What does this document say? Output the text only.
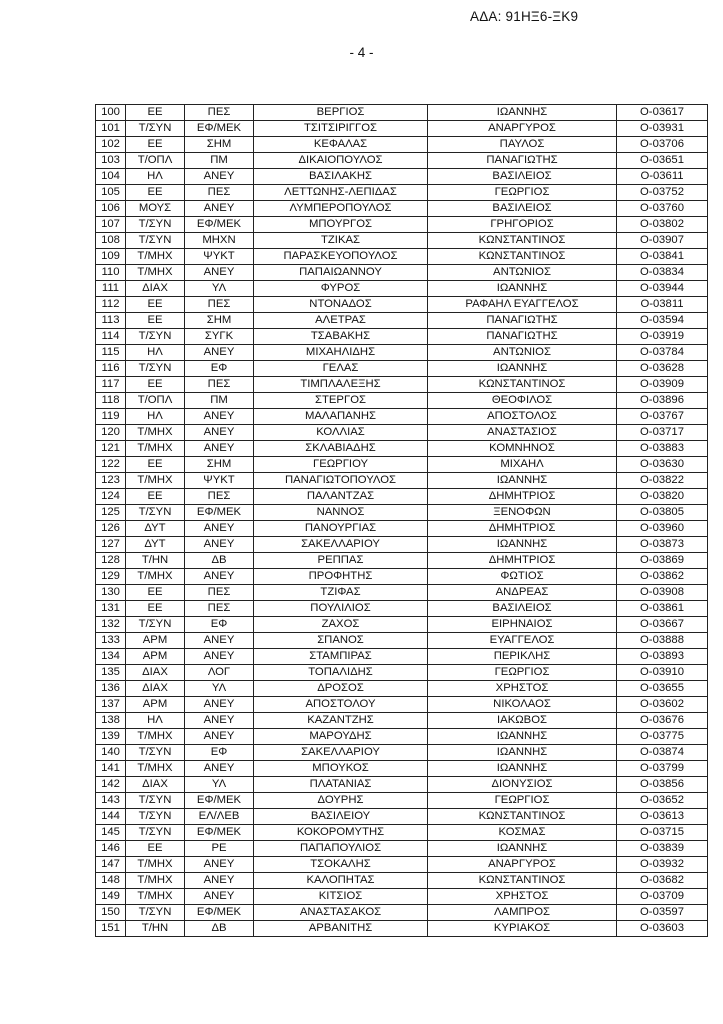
ΑΔΑ: 91ΗΞ6-ΞΚ9
- 4 -
100	ΕΕ	ΠΕΣ	ΒΕΡΓΙΟΣ	ΙΩΑΝΝΗΣ	Ο-03617
101	Τ/ΣΥΝ	ΕΦ/ΜΕΚ	ΤΣΙΤΣΙΡΙΓΓΟΣ	ΑΝΑΡΓΥΡΟΣ	Ο-03931
102	ΕΕ	ΣΗΜ	ΚΕΦΑΛΑΣ	ΠΑΥΛΟΣ	Ο-03706
103	Τ/ΟΠΛ	ΠΜ	ΔΙΚΑΙΟΠΟΥΛΟΣ	ΠΑΝΑΓΙΩΤΗΣ	Ο-03651
104	ΗΛ	ΑΝΕΥ	ΒΑΣΙΛΑΚΗΣ	ΒΑΣΙΛΕΙΟΣ	Ο-03611
105	ΕΕ	ΠΕΣ	ΛΕΤΤΩΝΗΣ-ΛΕΠΙΔΑΣ	ΓΕΩΡΓΙΟΣ	Ο-03752
106	ΜΟΥΣ	ΑΝΕΥ	ΛΥΜΠΕΡΟΠΟΥΛΟΣ	ΒΑΣΙΛΕΙΟΣ	Ο-03760
107	Τ/ΣΥΝ	ΕΦ/ΜΕΚ	ΜΠΟΥΡΓΟΣ	ΓΡΗΓΟΡΙΟΣ	Ο-03802
108	Τ/ΣΥΝ	ΜΗΧΝ	ΤΖΙΚΑΣ	ΚΩΝΣΤΑΝΤΙΝΟΣ	Ο-03907
109	Τ/ΜΗΧ	ΨΥΚΤ	ΠΑΡΑΣΚΕΥΟΠΟΥΛΟΣ	ΚΩΝΣΤΑΝΤΙΝΟΣ	Ο-03841
110	Τ/ΜΗΧ	ΑΝΕΥ	ΠΑΠΑΙΩΑΝΝΟΥ	ΑΝΤΩΝΙΟΣ	Ο-03834
111	ΔΙΑΧ	ΥΛ	ΦΥΡΟΣ	ΙΩΑΝΝΗΣ	Ο-03944
112	ΕΕ	ΠΕΣ	ΝΤΟΝΑΔΟΣ	ΡΑΦΑΗΛ ΕΥΑΓΓΕΛΟΣ	Ο-03811
113	ΕΕ	ΣΗΜ	ΑΛΕΤΡΑΣ	ΠΑΝΑΓΙΩΤΗΣ	Ο-03594
114	Τ/ΣΥΝ	ΣΥΓΚ	ΤΣΑΒΑΚΗΣ	ΠΑΝΑΓΙΩΤΗΣ	Ο-03919
115	ΗΛ	ΑΝΕΥ	ΜΙΧΑΗΛΙΔΗΣ	ΑΝΤΩΝΙΟΣ	Ο-03784
116	Τ/ΣΥΝ	ΕΦ	ΓΕΛΑΣ	ΙΩΑΝΝΗΣ	Ο-03628
117	ΕΕ	ΠΕΣ	ΤΙΜΠΛΑΛΕΞΗΣ	ΚΩΝΣΤΑΝΤΙΝΟΣ	Ο-03909
118	Τ/ΟΠΛ	ΠΜ	ΣΤΕΡΓΟΣ	ΘΕΟΦΙΛΟΣ	Ο-03896
119	ΗΛ	ΑΝΕΥ	ΜΑΛΑΠΑΝΗΣ	ΑΠΟΣΤΟΛΟΣ	Ο-03767
120	Τ/ΜΗΧ	ΑΝΕΥ	ΚΟΛΛΙΑΣ	ΑΝΑΣΤΑΣΙΟΣ	Ο-03717
121	Τ/ΜΗΧ	ΑΝΕΥ	ΣΚΛΑΒΙΑΔΗΣ	ΚΟΜΝΗΝΟΣ	Ο-03883
122	ΕΕ	ΣΗΜ	ΓΕΩΡΓΙΟΥ	ΜΙΧΑΗΛ	Ο-03630
123	Τ/ΜΗΧ	ΨΥΚΤ	ΠΑΝΑΓΙΩΤΟΠΟΥΛΟΣ	ΙΩΑΝΝΗΣ	Ο-03822
124	ΕΕ	ΠΕΣ	ΠΑΛΑΝΤΖΑΣ	ΔΗΜΗΤΡΙΟΣ	Ο-03820
125	Τ/ΣΥΝ	ΕΦ/ΜΕΚ	ΝΑΝΝΟΣ	ΞΕΝΟΦΩΝ	Ο-03805
126	ΔΥΤ	ΑΝΕΥ	ΠΑΝΟΥΡΓΙΑΣ	ΔΗΜΗΤΡΙΟΣ	Ο-03960
127	ΔΥΤ	ΑΝΕΥ	ΣΑΚΕΛΛΑΡΙΟΥ	ΙΩΑΝΝΗΣ	Ο-03873
128	Τ/ΗΝ	ΔΒ	ΡΕΠΠΑΣ	ΔΗΜΗΤΡΙΟΣ	Ο-03869
129	Τ/ΜΗΧ	ΑΝΕΥ	ΠΡΟΦΗΤΗΣ	ΦΩΤΙΟΣ	Ο-03862
130	ΕΕ	ΠΕΣ	ΤΖΙΦΑΣ	ΑΝΔΡΕΑΣ	Ο-03908
131	ΕΕ	ΠΕΣ	ΠΟΥΛΙΛΙΟΣ	ΒΑΣΙΛΕΙΟΣ	Ο-03861
132	Τ/ΣΥΝ	ΕΦ	ΖΑΧΟΣ	ΕΙΡΗΝΑΙΟΣ	Ο-03667
133	ΑΡΜ	ΑΝΕΥ	ΣΠΑΝΟΣ	ΕΥΑΓΓΕΛΟΣ	Ο-03888
134	ΑΡΜ	ΑΝΕΥ	ΣΤΑΜΠΙΡΑΣ	ΠΕΡΙΚΛΗΣ	Ο-03893
135	ΔΙΑΧ	ΛΟΓ	ΤΟΠΑΛΙΔΗΣ	ΓΕΩΡΓΙΟΣ	Ο-03910
136	ΔΙΑΧ	ΥΛ	ΔΡΟΣΟΣ	ΧΡΗΣΤΟΣ	Ο-03655
137	ΑΡΜ	ΑΝΕΥ	ΑΠΟΣΤΟΛΟΥ	ΝΙΚΟΛΑΟΣ	Ο-03602
138	ΗΛ	ΑΝΕΥ	ΚΑΖΑΝΤΖΗΣ	ΙΑΚΩΒΟΣ	Ο-03676
139	Τ/ΜΗΧ	ΑΝΕΥ	ΜΑΡΟΥΔΗΣ	ΙΩΑΝΝΗΣ	Ο-03775
140	Τ/ΣΥΝ	ΕΦ	ΣΑΚΕΛΛΑΡΙΟΥ	ΙΩΑΝΝΗΣ	Ο-03874
141	Τ/ΜΗΧ	ΑΝΕΥ	ΜΠΟΥΚΟΣ	ΙΩΑΝΝΗΣ	Ο-03799
142	ΔΙΑΧ	ΥΛ	ΠΛΑΤΑΝΙΑΣ	ΔΙΟΝΥΣΙΟΣ	Ο-03856
143	Τ/ΣΥΝ	ΕΦ/ΜΕΚ	ΔΟΥΡΗΣ	ΓΕΩΡΓΙΟΣ	Ο-03652
144	Τ/ΣΥΝ	ΕΛ/ΛΕΒ	ΒΑΣΙΛΕΙΟΥ	ΚΩΝΣΤΑΝΤΙΝΟΣ	Ο-03613
145	Τ/ΣΥΝ	ΕΦ/ΜΕΚ	ΚΟΚΟΡΟΜΥΤΗΣ	ΚΟΣΜΑΣ	Ο-03715
146	ΕΕ	ΡΕ	ΠΑΠΑΠΟΥΛΙΟΣ	ΙΩΑΝΝΗΣ	Ο-03839
147	Τ/ΜΗΧ	ΑΝΕΥ	ΤΣΟΚΑΛΗΣ	ΑΝΑΡΓΥΡΟΣ	Ο-03932
148	Τ/ΜΗΧ	ΑΝΕΥ	ΚΑΛΟΠΗΤΑΣ	ΚΩΝΣΤΑΝΤΙΝΟΣ	Ο-03682
149	Τ/ΜΗΧ	ΑΝΕΥ	ΚΙΤΣΙΟΣ	ΧΡΗΣΤΟΣ	Ο-03709
150	Τ/ΣΥΝ	ΕΦ/ΜΕΚ	ΑΝΑΣΤΑΣΑΚΟΣ	ΛΑΜΠΡΟΣ	Ο-03597
151	Τ/ΗΝ	ΔΒ	ΑΡΒΑΝΙΤΗΣ	ΚΥΡΙΑΚΟΣ	Ο-03603
